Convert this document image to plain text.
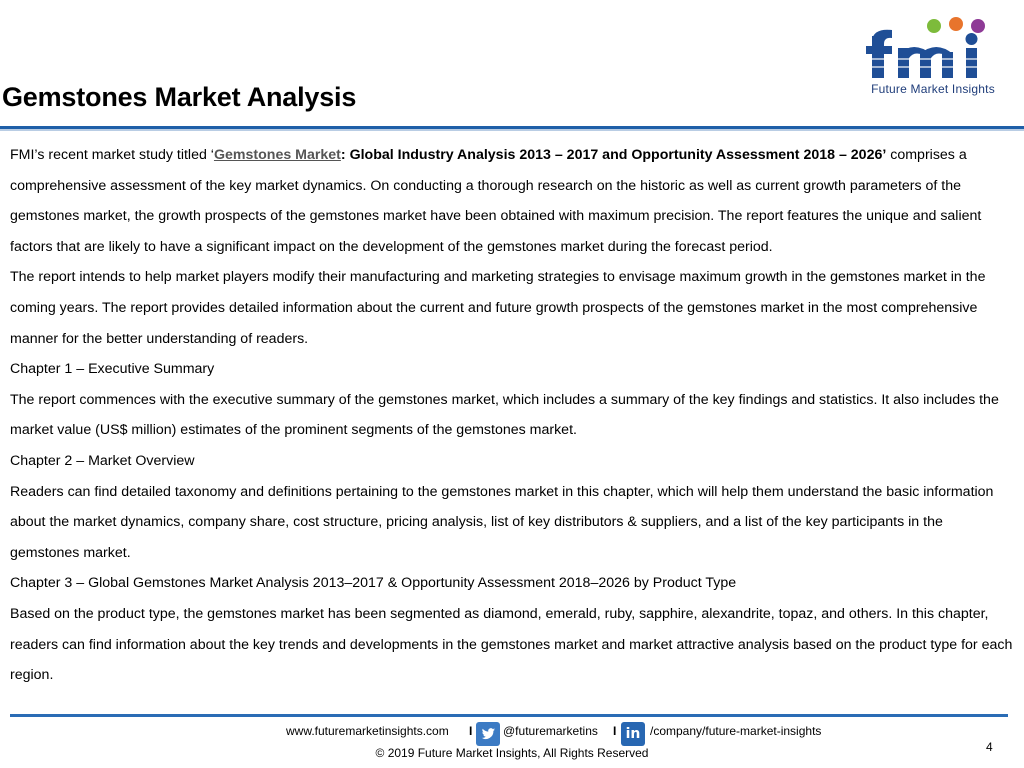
Gemstones Market Analysis	Future Market Insights

FMI’s recent market study titled ‘Gemstones Market: Global Industry Analysis 2013 – 2017 and Opportunity Assessment 2018 – 2026’ comprises a comprehensive assessment of the key market dynamics. On conducting a thorough research on the historic as well as current growth parameters of the gemstones market, the growth prospects of the gemstones market have been obtained with maximum precision. The report features the unique and salient factors that are likely to have a significant impact on the development of the gemstones market during the forecast period.

The report intends to help market players modify their manufacturing and marketing strategies to envisage maximum growth in the gemstones market in the coming years. The report provides detailed information about the current and future growth prospects of the gemstones market in the most comprehensive manner for the better understanding of readers.

Chapter 1 – Executive Summary

The report commences with the executive summary of the gemstones market, which includes a summary of the key findings and statistics. It also includes the market value (US$ million) estimates of the prominent segments of the gemstones market.

Chapter 2 – Market Overview

Readers can find detailed taxonomy and definitions pertaining to the gemstones market in this chapter, which will help them understand the basic information about the market dynamics, company share, cost structure, pricing analysis, list of key distributors & suppliers, and a list of the key participants in the gemstones market.

Chapter 3 – Global Gemstones Market Analysis 2013–2017 & Opportunity Assessment 2018–2026 by Product Type

Based on the product type, the gemstones market has been segmented as diamond, emerald, ruby, sapphire, alexandrite, topaz, and others. In this chapter, readers can find information about the key trends and developments in the gemstones market and market attractive analysis based on the product type for each region.

www.futuremarketinsights.com I	@futuremarketins I in /company/future-market-insights
© 2019 Future Market Insights, All Rights Reserved	4
